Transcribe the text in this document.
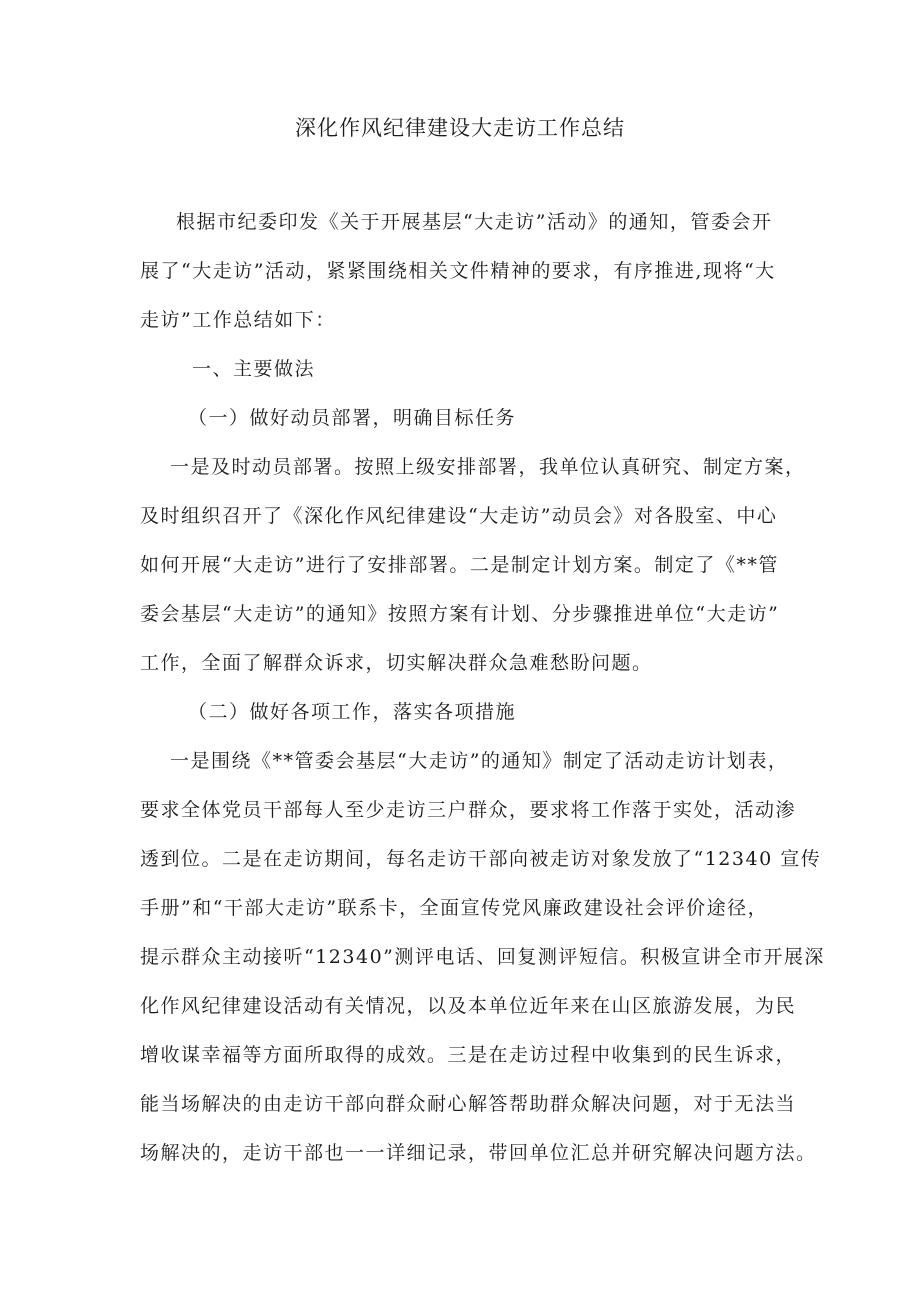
深化作风纪律建设大走访工作总结
根据市纪委印发《关于开展基层“大走访”活动》的通知，管委会开
展了“大走访”活动，紧紧围绕相关文件精神的要求，有序推进,现将“大
走访”工作总结如下：
一、主要做法
（一）做好动员部署，明确目标任务
一是及时动员部署。按照上级安排部署，我单位认真研究、制定方案，
及时组织召开了《深化作风纪律建设“大走访”动员会》对各股室、中心
如何开展“大走访”进行了安排部署。二是制定计划方案。制定了《**管
委会基层“大走访”的通知》按照方案有计划、分步骤推进单位“大走访”
工作，全面了解群众诉求，切实解决群众急难愁盼问题。
（二）做好各项工作，落实各项措施
一是围绕《**管委会基层“大走访”的通知》制定了活动走访计划表，
要求全体党员干部每人至少走访三户群众，要求将工作落于实处，活动渗
透到位。二是在走访期间，每名走访干部向被走访对象发放了“12340 宣传
手册”和“干部大走访”联系卡，全面宣传党风廉政建设社会评价途径，
提示群众主动接听“12340”测评电话、回复测评短信。积极宣讲全市开展深
化作风纪律建设活动有关情况，以及本单位近年来在山区旅游发展，为民
增收谋幸福等方面所取得的成效。三是在走访过程中收集到的民生诉求，
能当场解决的由走访干部向群众耐心解答帮助群众解决问题，对于无法当
场解决的，走访干部也一一详细记录，带回单位汇总并研究解决问题方法。
